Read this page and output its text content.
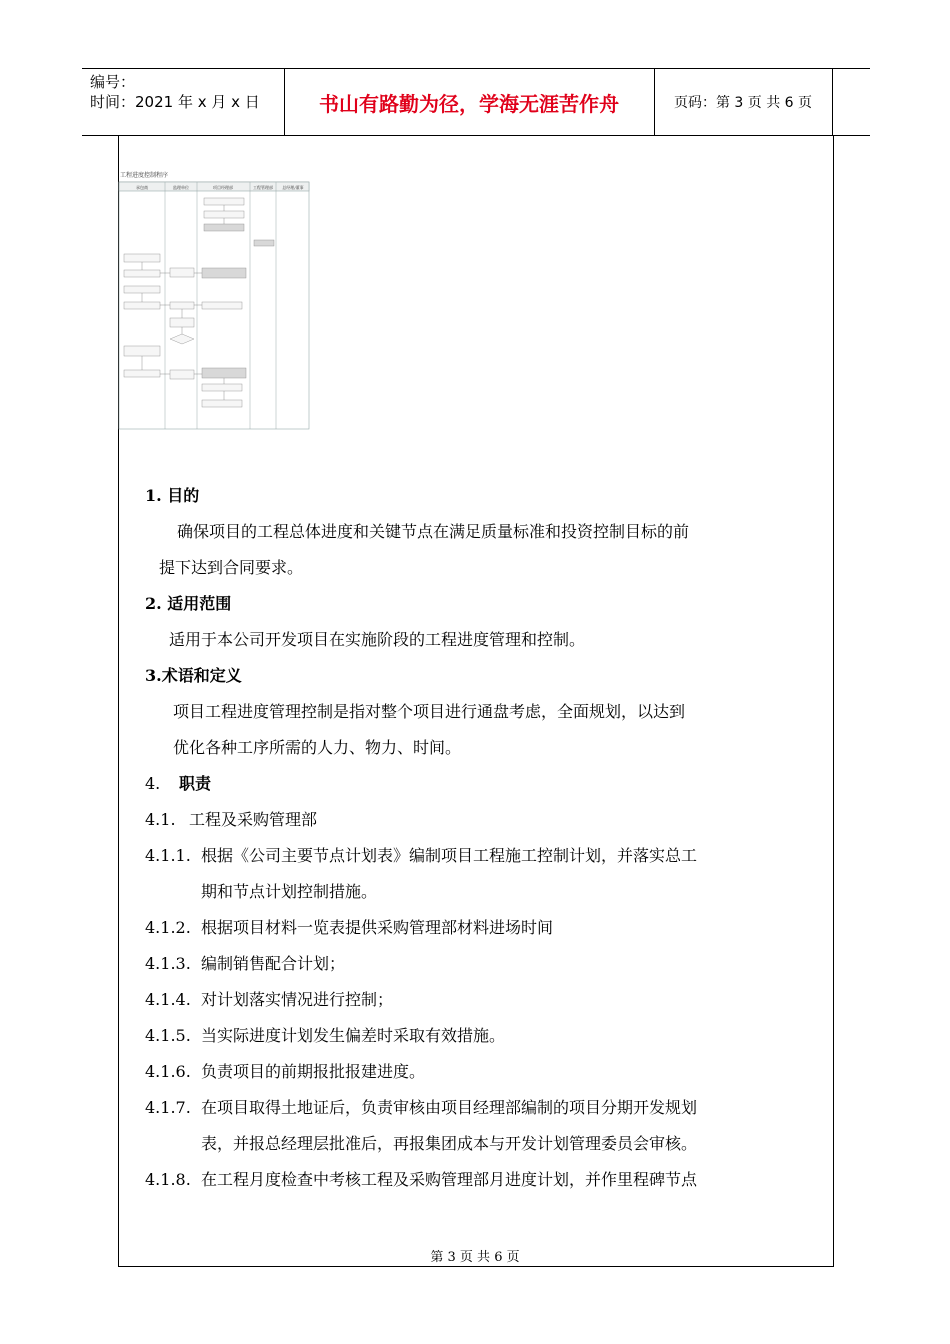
编号：
时间：2021 年 x 月 x 日	书山有路勤为径，学海无涯苦作舟	页码：第 3 页 共 6 页
工程进度控制程序
承包商	监理单位	项目经理部	工程管理部 总经理/董事

1. 目的

确保项目的工程总体进度和关键节点在满足质量标准和投资控制目标的前

提下达到合同要求。

2. 适用范围

适用于本公司开发项目在实施阶段的工程进度管理和控制。

3.术语和定义

项目工程进度管理控制是指对整个项目进行通盘考虑，全面规划，以达到

优化各种工序所需的人力、物力、时间。

4.	职责
4.1. 工程及采购管理部
4.1.1. 根据《公司主要节点计划表》编制项目工程施工控制计划，并落实总工
期和节点计划控制措施。
4.1.2. 根据项目材料一览表提供采购管理部材料进场时间
4.1.3. 编制销售配合计划；
4.1.4. 对计划落实情况进行控制；
4.1.5. 当实际进度计划发生偏差时采取有效措施。
4.1.6. 负责项目的前期报批报建进度。
4.1.7. 在项目取得土地证后，负责审核由项目经理部编制的项目分期开发规划
表，并报总经理层批准后，再报集团成本与开发计划管理委员会审核。
4.1.8. 在工程月度检查中考核工程及采购管理部月进度计划，并作里程碑节点
第 3 页 共 6 页
